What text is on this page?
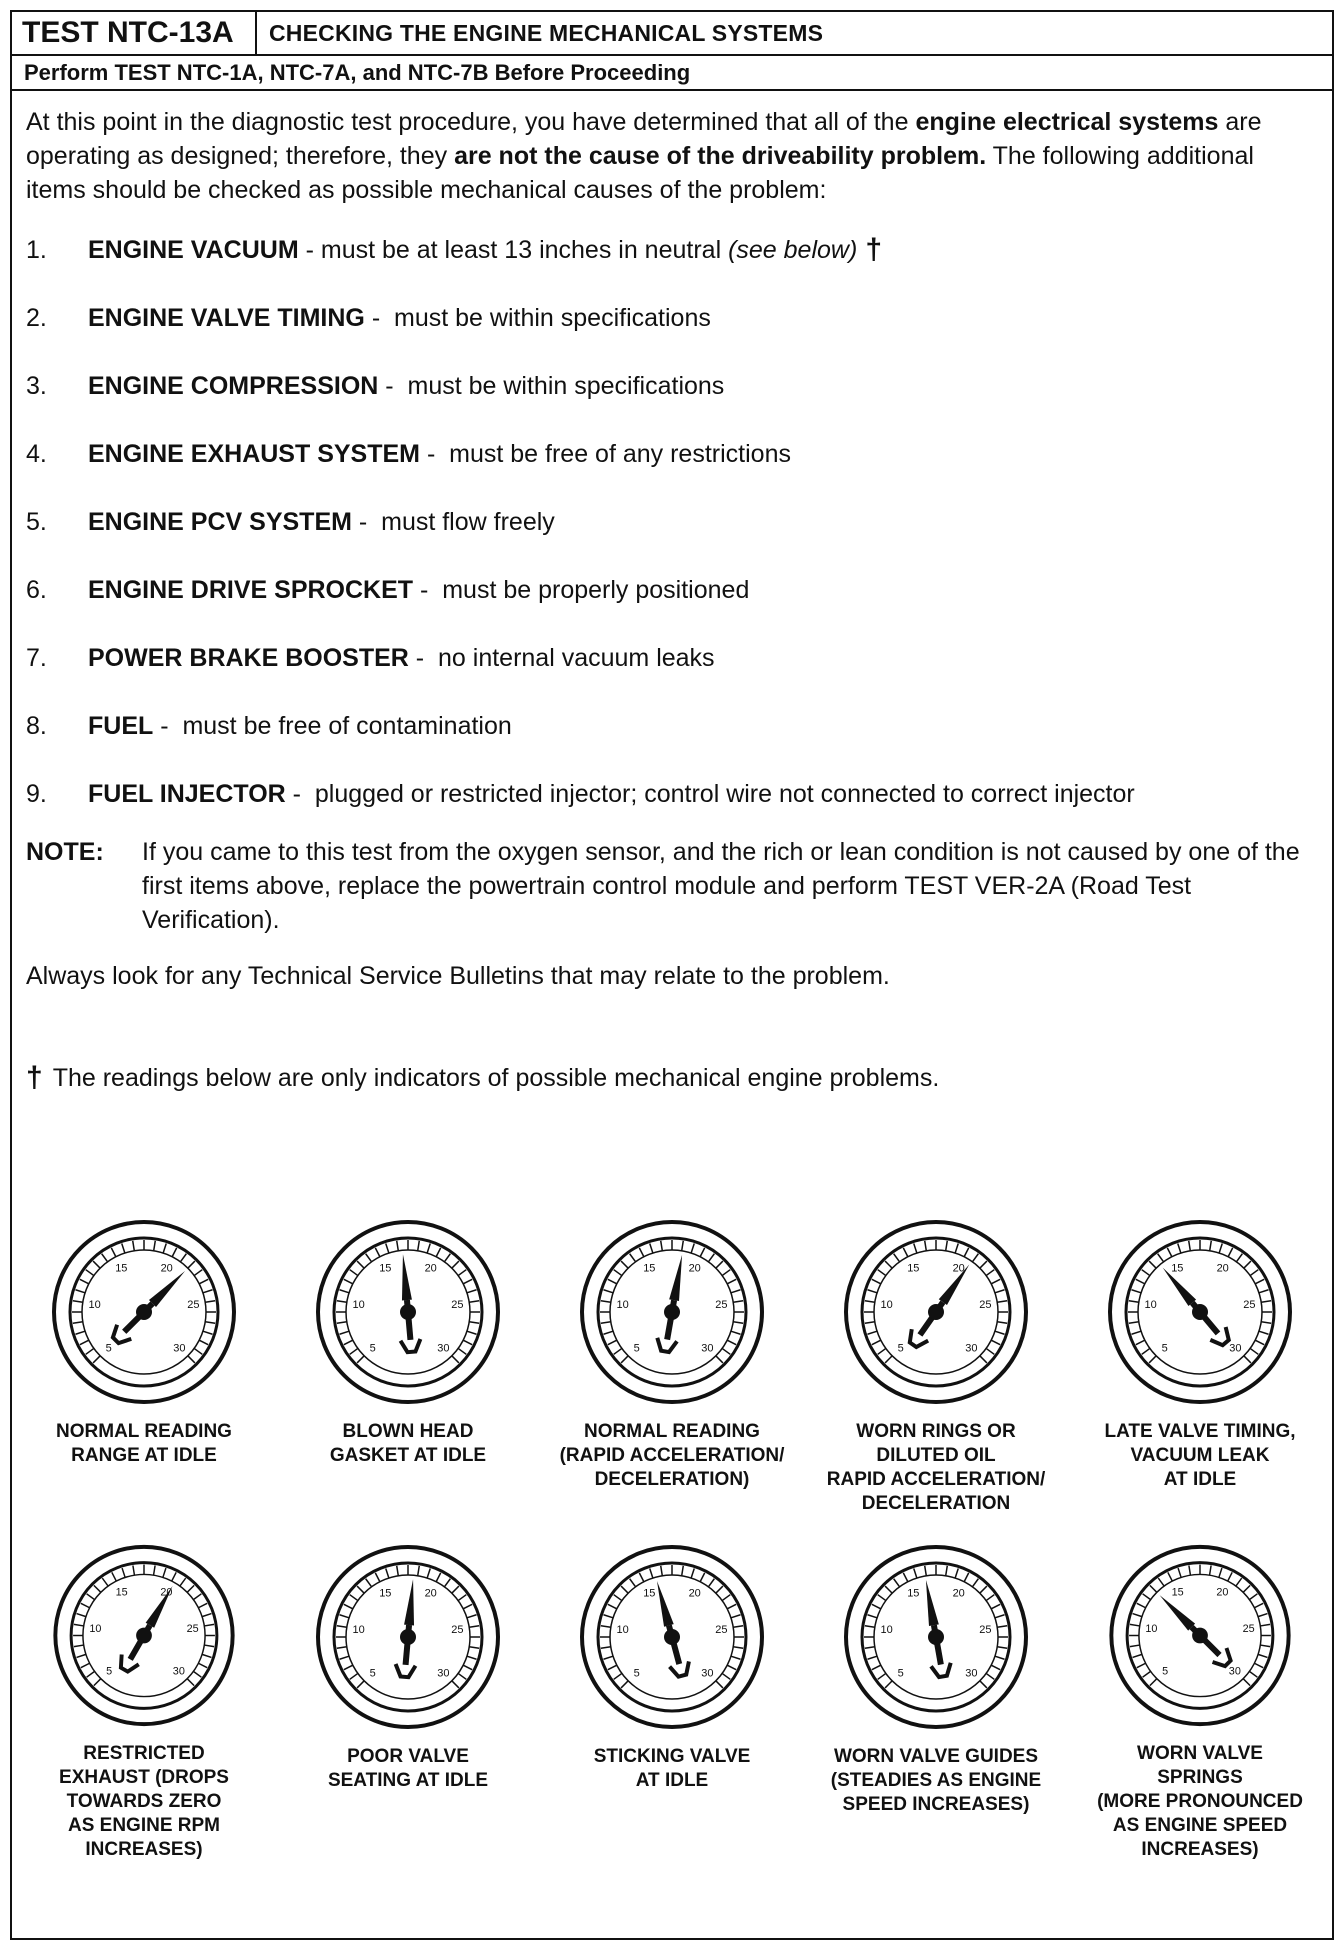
TEST NTC-13A	CHECKING THE ENGINE MECHANICAL SYSTEMS
Perform TEST NTC-1A, NTC-7A, and NTC-7B Before Proceeding

At this point in the diagnostic test procedure, you have determined that all of the engine electrical systems are operating as designed; therefore, they are not the cause of the driveability problem. The following additional items should be checked as possible mechanical causes of the problem:

1.	ENGINE VACUUM - must be at least 13 inches in neutral (see below) †
2.	ENGINE VALVE TIMING -  must be within specifications
3.	ENGINE COMPRESSION -  must be within specifications
4.	ENGINE EXHAUST SYSTEM -  must be free of any restrictions
5.	ENGINE PCV SYSTEM -  must flow freely
6.	ENGINE DRIVE SPROCKET -  must be properly positioned
7.	POWER BRAKE BOOSTER -  no internal vacuum leaks
8.	FUEL -  must be free of contamination
9.	FUEL INJECTOR -  plugged or restricted injector; control wire not connected to correct injector
NOTE:	If you came to this test from the oxygen sensor, and the rich or lean condition is not caused by one of the first items above, replace the powertrain control module and perform TEST VER-2A (Road Test Verification).

Always look for any Technical Service Bulletins that may relate to the problem.

† The readings below are only indicators of possible mechanical engine problems.

5
10
15	20
25
30
NORMAL READING
RANGE AT IDLE
5
10
15	20
25
30
BLOWN HEAD
GASKET AT IDLE
5
10
15	20
25
30
NORMAL READING
(RAPID ACCELERATION/
DECELERATION)
5
10
15	20
25
30
WORN RINGS OR
DILUTED OIL
RAPID ACCELERATION/
DECELERATION
5
10
15	20
25
30
LATE VALVE TIMING,
VACUUM LEAK
AT IDLE
5
10
15	20
25
30
RESTRICTED
EXHAUST (DROPS
TOWARDS ZERO
AS ENGINE RPM
INCREASES)
5
10
15	20
25
30
POOR VALVE
SEATING AT IDLE
5
10
15	20
25
30
STICKING VALVE
AT IDLE
5
10
15	20
25
30
WORN VALVE GUIDES
(STEADIES AS ENGINE
SPEED INCREASES)
5
10
15	20
25
30
WORN VALVE
SPRINGS
(MORE PRONOUNCED
AS ENGINE SPEED
INCREASES)
